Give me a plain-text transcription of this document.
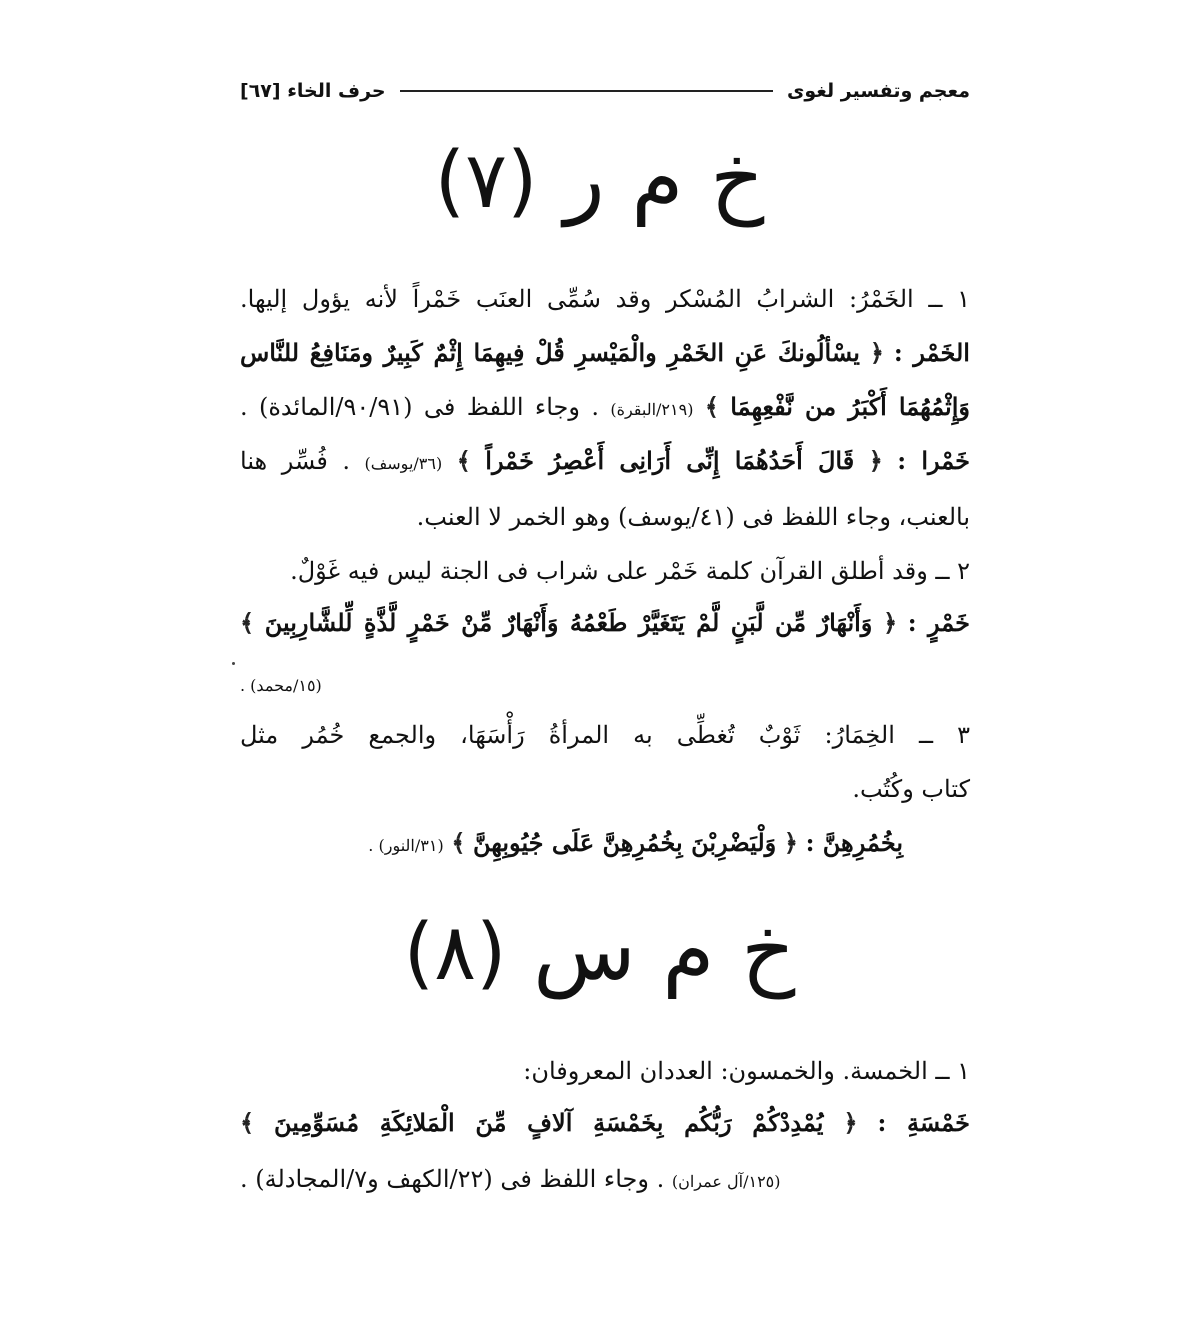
معجم وتفسير لغوى
حرف الخاء [٦٧]
خ م ر (٧)
١ ــ الخَمْرُ: الشرابُ المُسْكر وقد سُمِّى العنَب خَمْراً لأنه يؤول إليها.
الخَمْر : ﴿ يسْألُونكَ عَنِ الخَمْرِ والْمَيْسرِ قُلْ فِيهِمَا إِثْمٌ كَبِيرٌ ومَنَافِعُ للنَّاس
وَإِثْمُهُمَا أَكْبَرُ من نَّفْعِهِمَا ﴾ (٢١٩/البقرة) . وجاء اللفظ فى (٩٠/٩١/المائدة) .
خَمْرا : ﴿ قَالَ أَحَدُهُمَا إِنِّى أَرَانِى أَعْصِرُ خَمْراً ﴾ (٣٦/يوسف) . فُسِّر هنا
بالعنب، وجاء اللفظ فى (٤١/يوسف) وهو الخمر لا العنب.
٢ ــ وقد أطلق القرآن كلمة خَمْر على شراب فى الجنة ليس فيه غَوْلٌ.
خَمْرٍ : ﴿ وَأَنْهَارٌ مِّن لَّبَنٍ لَّمْ يَتَغَيَّرْ طَعْمُهُ وَأَنْهَارٌ مِّنْ خَمْرٍ لَّذَّةٍ لِّلشَّارِبِينَ ﴾
(١٥/محمد) .
٣ ــ الخِمَارُ: ثَوْبٌ تُغطِّى به المرأةُ رَأْسَهَا، والجمع خُمُر مثل
كتاب وكُتُب.
بِخُمُرِهِنَّ : ﴿ وَلْيَضْرِبْنَ بِخُمُرِهِنَّ عَلَى جُيُوبِهِنَّ ﴾ (٣١/النور) .
خ م س (٨)
١ ــ الخمسة. والخمسون: العددان المعروفان:
خَمْسَةِ : ﴿ يُمْدِدْكُمْ رَبُّكُم بِخَمْسَةِ آلافٍ مِّنَ الْمَلائِكَةِ مُسَوِّمِينَ ﴾
(١٢٥/آل عمران) . وجاء اللفظ فى (٢٢/الكهف و٧/المجادلة) .
